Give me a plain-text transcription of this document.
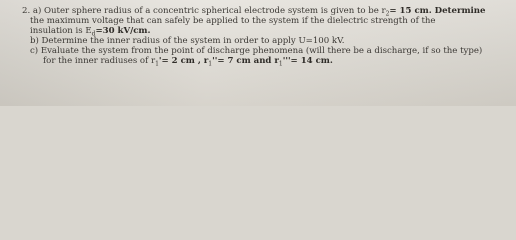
2. a) Outer sphere radius of a concentric spherical electrode system is given to be $r_2= 15$ cm. Determine
the maximum voltage that can safely be applied to the system if the dielectric strength of the
insulation is $E_d=30$ kV/cm.
b) Determine the inner radius of the system in order to apply U=100 kV.
c) Evaluate the system from the point of discharge phenomena (will there be a discharge, if so the type)
for the inner radiuses of $r_1'= 2$ cm , $r_1''= 7$ cm and $r_1'''= 14$ cm.
